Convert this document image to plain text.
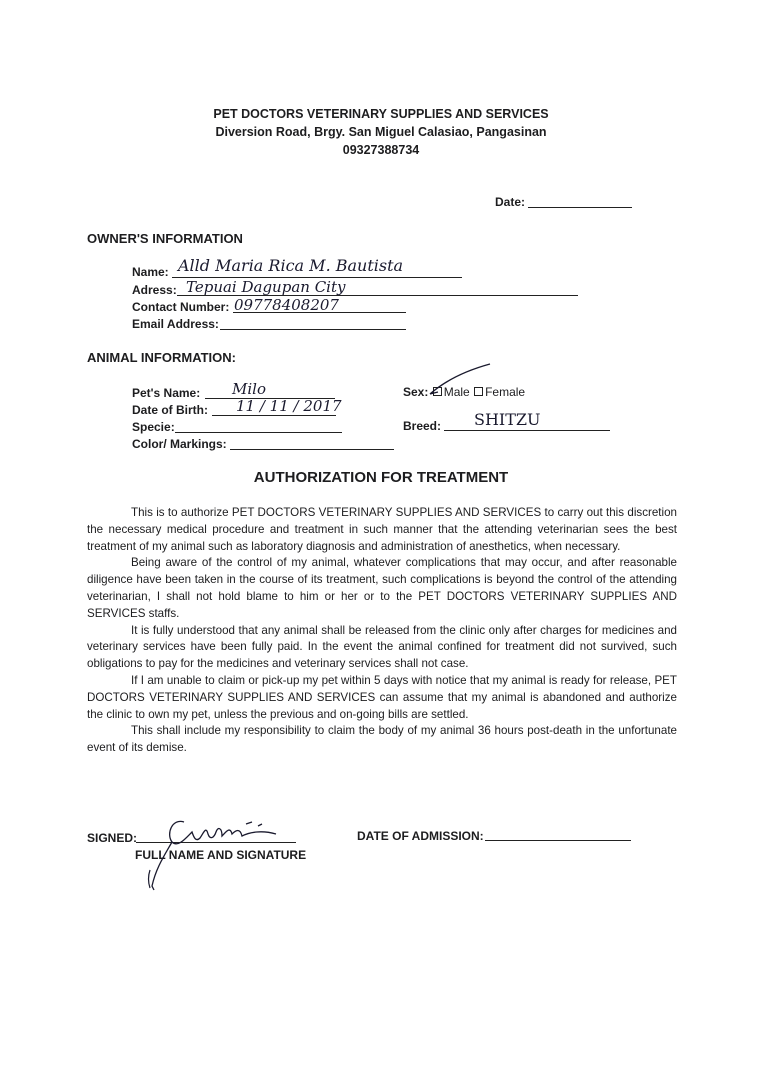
PET DOCTORS VETERINARY SUPPLIES AND SERVICES
Diversion Road, Brgy. San Miguel Calasiao, Pangasinan
09327388734
Date:
OWNER'S INFORMATION
Name: Alld Maria Rica M. Bautista
Adress: Tepuai Dagupan City
Contact Number: 09778408207
Email Address:
ANIMAL INFORMATION:
Pet's Name: Milo
Date of Birth: 11 / 11 / 2017
Specie:
Color/ Markings:
Sex: Male Female
Breed: SHITZU
AUTHORIZATION FOR TREATMENT

This is to authorize PET DOCTORS VETERINARY SUPPLIES AND SERVICES to carry out this discretion the necessary medical procedure and treatment in such manner that the attending veterinarian sees the best treatment of my animal such as laboratory diagnosis and administration of anesthetics, when necessary.

Being aware of the control of my animal, whatever complications that may occur, and after reasonable diligence have been taken in the course of its treatment, such complications is beyond the control of the attending veterinarian, I shall not hold blame to him or her or to the PET DOCTORS VETERINARY SUPPLIES AND SERVICES staffs.

It is fully understood that any animal shall be released from the clinic only after charges for medicines and veterinary services have been fully paid. In the event the animal confined for treatment did not survived, such obligations to pay for the medicines and veterinary services shall not case.

If I am unable to claim or pick-up my pet within 5 days with notice that my animal is ready for release, PET DOCTORS VETERINARY SUPPLIES AND SERVICES can assume that my animal is abandoned and authorize the clinic to own my pet, unless the previous and on-going bills are settled.

This shall include my responsibility to claim the body of my animal 36 hours post-death in the unfortunate event of its demise.

SIGNED:
FULL NAME AND SIGNATURE
DATE OF ADMISSION:
